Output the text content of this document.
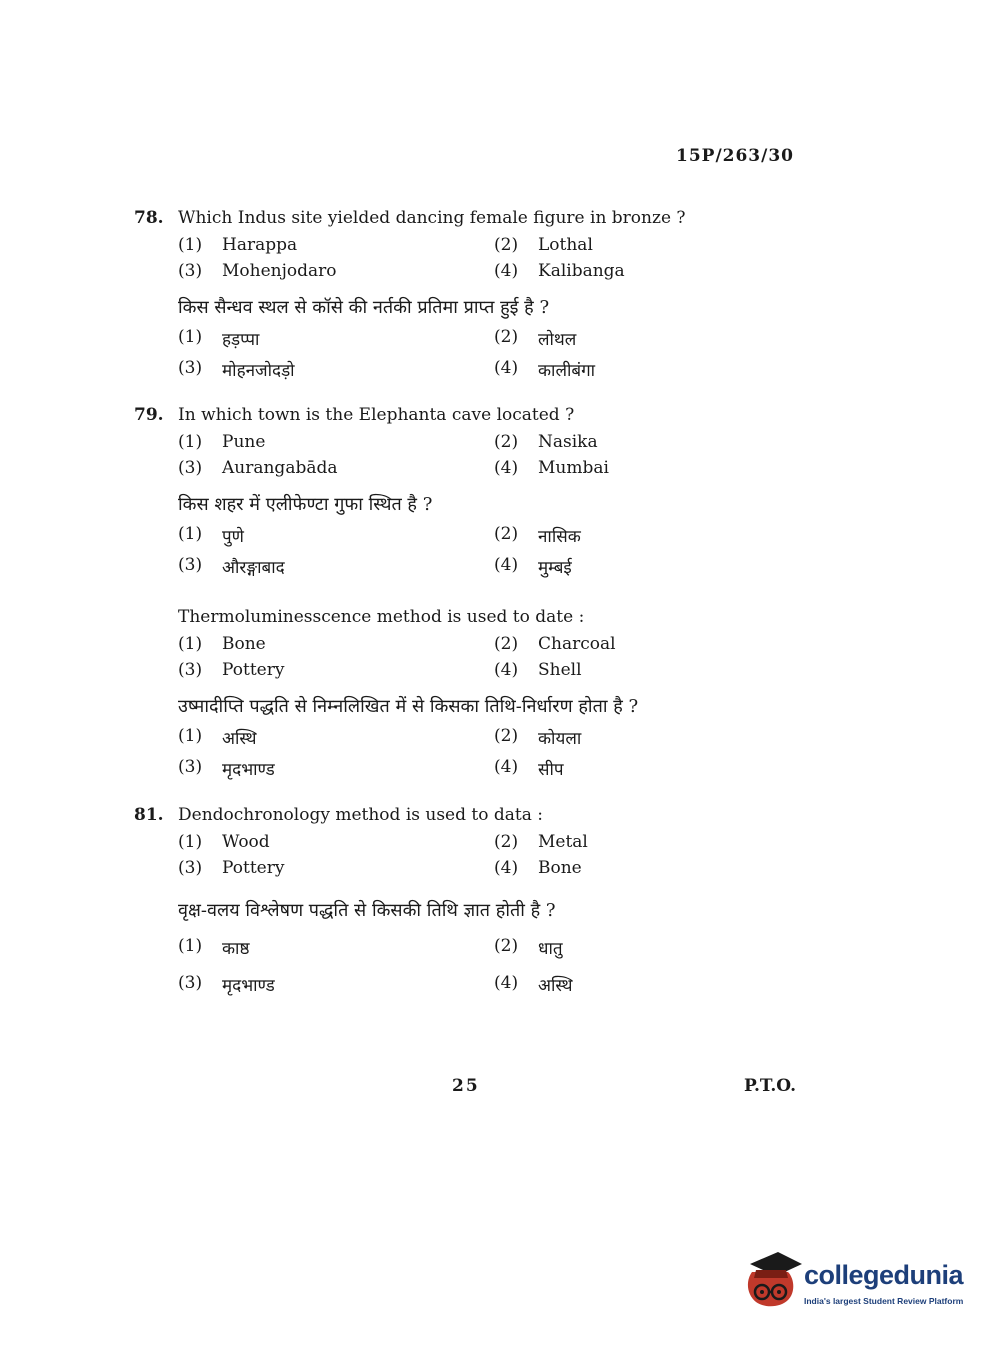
15P/263/30
78. Which Indus site yielded dancing female figure in bronze ?
(1)	Harappa	(2)	Lothal
(3)	Mohenjodaro	(4)	Kalibanga
किस सैन्धव स्थल से कॉसे की नर्तकी प्रतिमा प्राप्त हुई है ?
(1)	हड़प्पा	(2)	लोथल
(3)	मोहनजोदड़ो	(4)	कालीबंगा
79. In which town is the Elephanta cave located ?
(1)	Pune	(2)	Nasika
(3)	Aurangabāda	(4)	Mumbai
किस शहर में एलीफेण्टा गुफा स्थित है ?
(1)	पुणे	(2)	नासिक
(3)	औरङ्गाबाद	(4)	मुम्बई
Thermoluminesscence method is used to date :
(1)	Bone	(2)	Charcoal
(3)	Pottery	(4)	Shell
उष्मादीप्ति पद्धति से निम्नलिखित में से किसका तिथि-निर्धारण होता है ?
(1)	अस्थि	(2)	कोयला
(3)	मृदभाण्ड	(4)	सीप
81. Dendochronology method is used to data :
(1)	Wood	(2)	Metal
(3)	Pottery	(4)	Bone
वृक्ष-वलय विश्लेषण पद्धति से किसकी तिथि ज्ञात होती है ?
(1)	काष्ठ	(2)	धातु
(3)	मृदभाण्ड	(4)	अस्थि
25	P.T.O.
collegedunia
India's largest Student Review Platform
